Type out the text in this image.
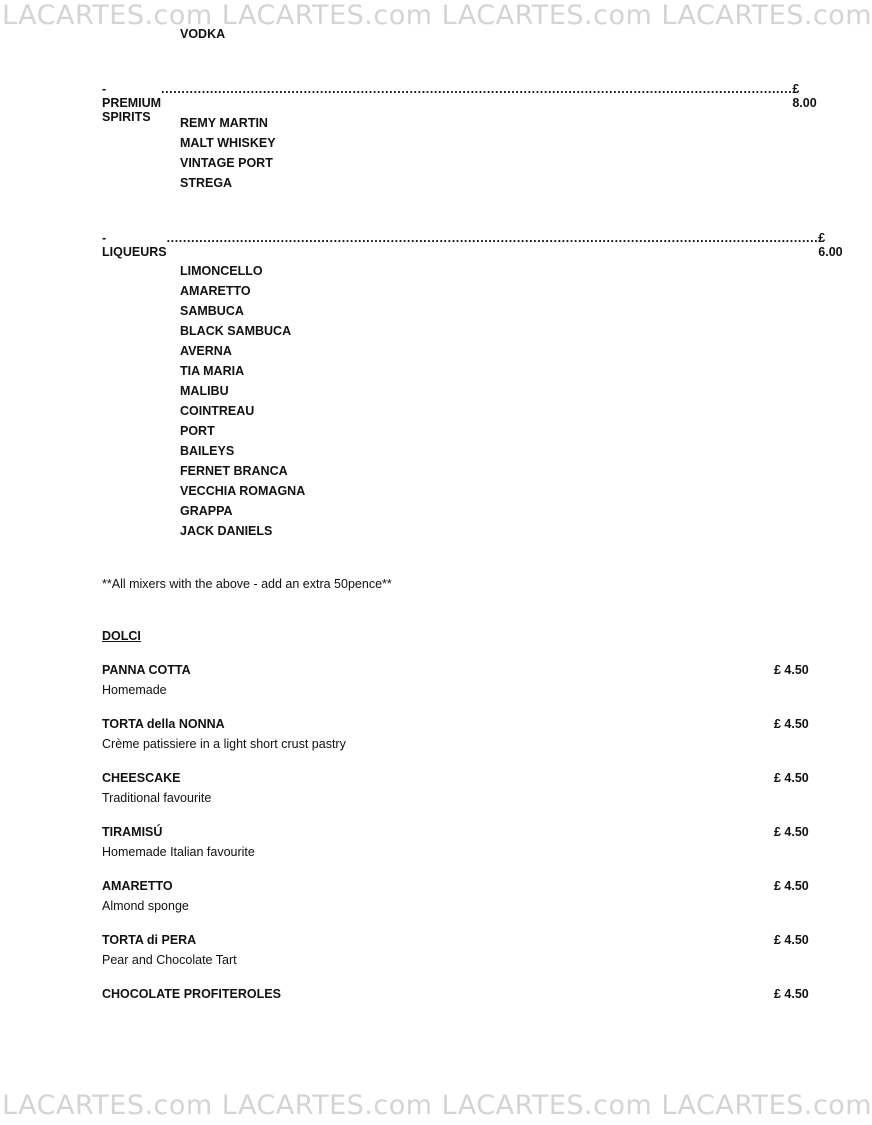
LACARTES.com LACARTES.com LACARTES.com LACARTES.com
LACARTES.com LACARTES.com LACARTES.com LACARTES.com
VODKA
- PREMIUM SPIRITS
........................................................................................................................................................... £ 8.00
REMY MARTIN
MALT WHISKEY
VINTAGE PORT
STREGA
- LIQUEURS
................................................................................................................................................................ £ 6.00
LIMONCELLO
AMARETTO
SAMBUCA
BLACK SAMBUCA
AVERNA
TIA MARIA
MALIBU
COINTREAU
PORT
BAILEYS
FERNET BRANCA
VECCHIA ROMAGNA
GRAPPA
JACK DANIELS
**All mixers with the above - add an extra 50pence**
DOLCI
PANNA COTTA	£ 4.50
Homemade
TORTA della NONNA	£ 4.50
Crème patissiere in a light short crust pastry
CHEESCAKE	£ 4.50
Traditional favourite
TIRAMISÚ	£ 4.50
Homemade Italian favourite
AMARETTO	£ 4.50
Almond sponge
TORTA di PERA	£ 4.50
Pear and Chocolate Tart
CHOCOLATE PROFITEROLES	£ 4.50
